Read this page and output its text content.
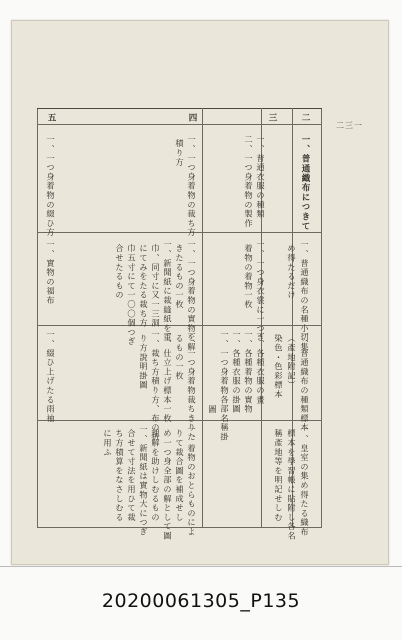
二三一
二
一、普通織布につきて
一、普通織布の名種小切集
め得たるだけ
一、普通織布の種類標本
（產地附記）
染色・色彩標本
一、皇室の集め得たる織布
標本を學習帳に貼附し各名
稱產地等を明記せしむ
三
一、普通衣服の種類
二、一つ身着物の製作
一、一つ身衣裳に一つき
着物の着物一枚
一、各種衣服の畫
一、各種着物の實物
一、各種衣服の掛圖
一、一つ身着物各部名稱掛
圖
四
一、一つ身着物の裁ち方
積り方
一、一つ身着物の實物を解
きたるもの一枚
一、新聞紙に裁縫紙を重
巾、同寸に又一三洞
にてみをたる裁ち方
巾五寸にて一〇〇個つぎ
合せたるもの
一、一つ身着物裁ちきりた
るもの一枚
一、仕立上げ標本一枚
一、裁ち方積り方、布の折
り方說明掛圖
一、着物のおとらものによ
りて裁合圖を補成せし
め一つ身全部の解として圖
理解を助けしむるもの
一、新聞紙は實物大につぎ
合せて寸法を用ひて裁
ち方積算をなさしむる
に用ふ
五
一、一つ身着物の綴ひ方
一、實物の福布
一、綴ひ上げたる雨袖
20200061305_P135
